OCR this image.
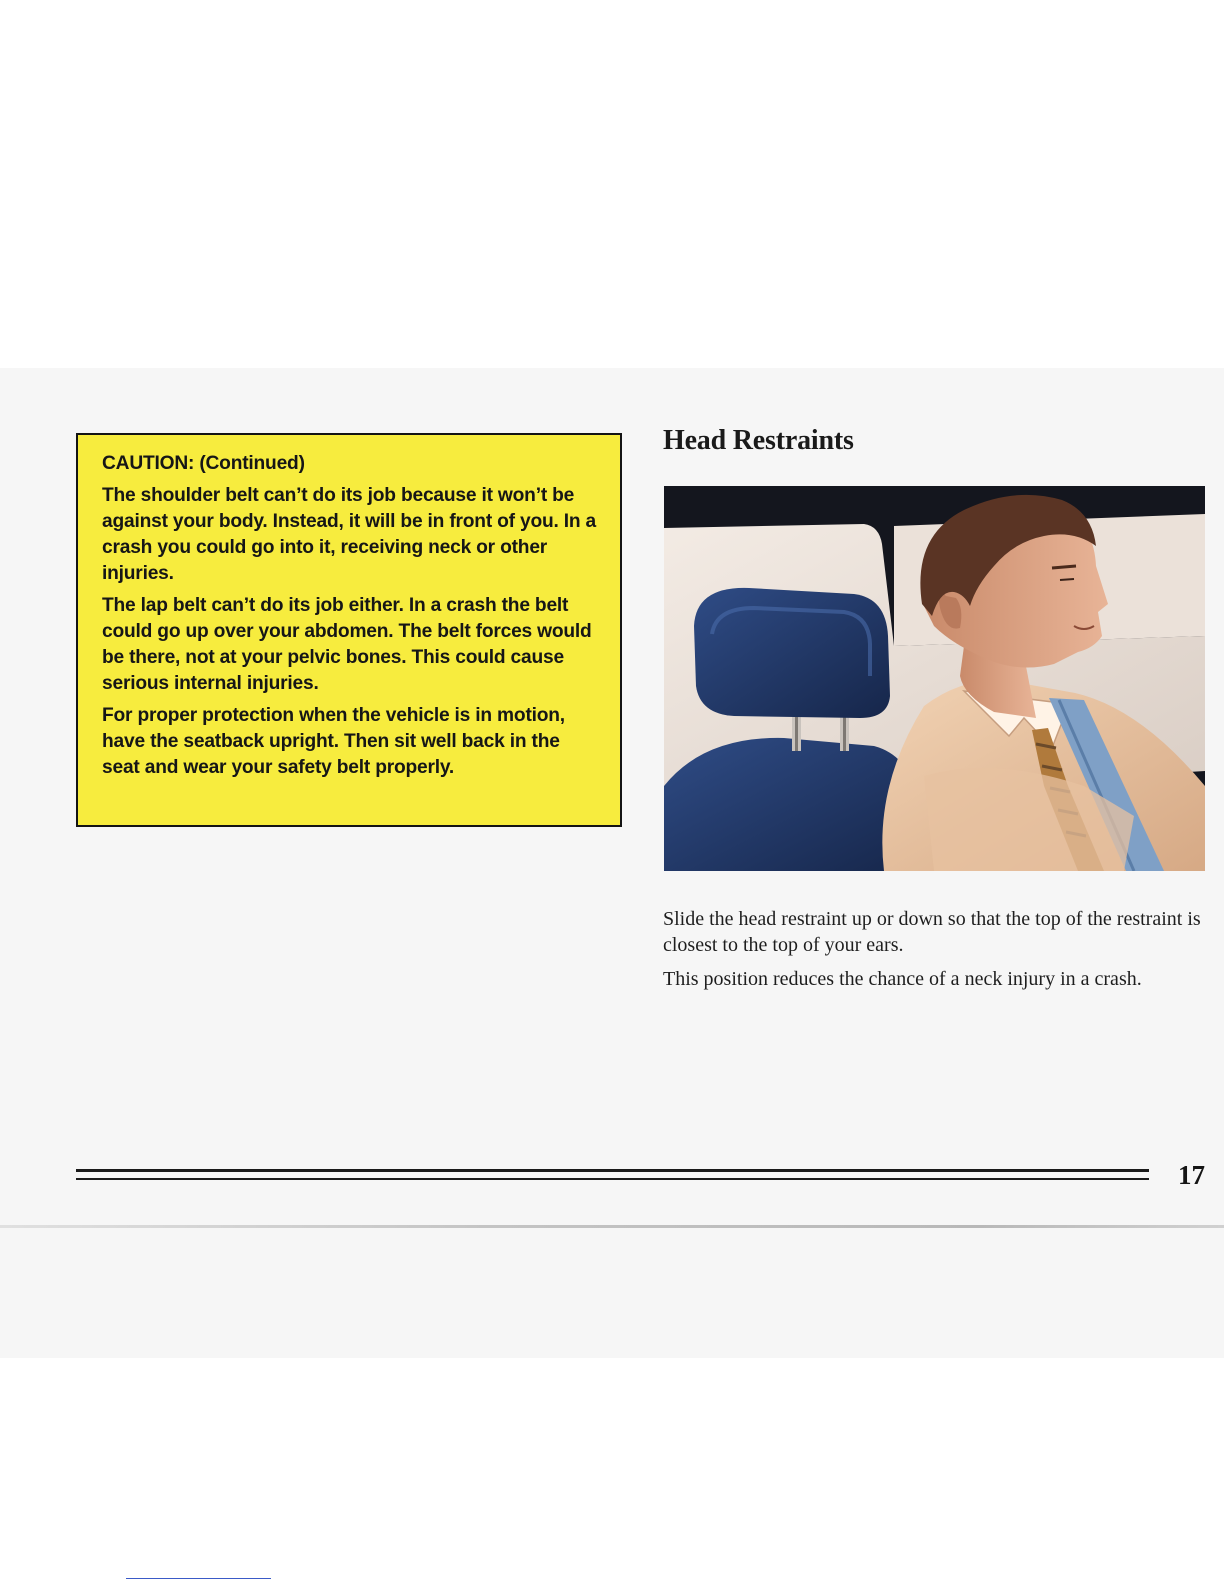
CAUTION: (Continued)

The shoulder belt can’t do its job because it won’t be against your body. Instead, it will be in front of you. In a crash you could go into it, receiving neck or other injuries.

The lap belt can’t do its job either. In a crash the belt could go up over your abdomen. The belt forces would be there, not at your pelvic bones. This could cause serious internal injuries.

For proper protection when the vehicle is in motion, have the seatback upright. Then sit well back in the seat and wear your safety belt properly.

Head Restraints

Slide the head restraint up or down so that the top of the restraint is closest to the top of your ears.

This position reduces the chance of a neck injury in a crash.

17
